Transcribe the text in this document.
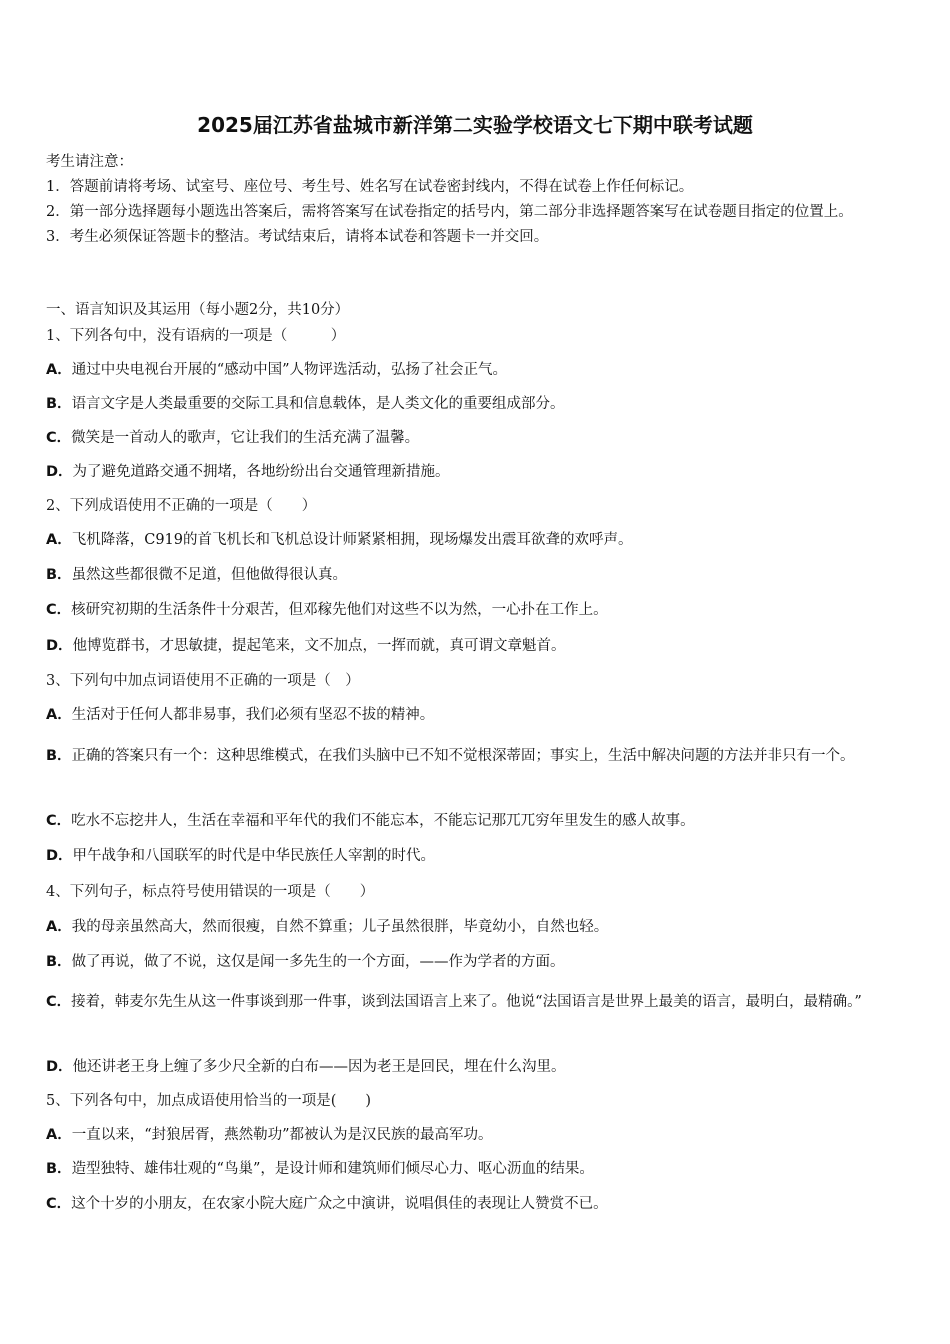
2025届江苏省盐城市新洋第二实验学校语文七下期中联考试题
考生请注意：
1．答题前请将考场、试室号、座位号、考生号、姓名写在试卷密封线内，不得在试卷上作任何标记。
2．第一部分选择题每小题选出答案后，需将答案写在试卷指定的括号内，第二部分非选择题答案写在试卷题目指定的位置上。
3．考生必须保证答题卡的整洁。考试结束后，请将本试卷和答题卡一并交回。
一、语言知识及其运用（每小题2分，共10分）
1、下列各句中，没有语病的一项是（　　　）
A．通过中央电视台开展的“感动中国”人物评选活动，弘扬了社会正气。
B．语言文字是人类最重要的交际工具和信息载体，是人类文化的重要组成部分。
C．微笑是一首动人的歌声，它让我们的生活充满了温馨。
D．为了避免道路交通不拥堵，各地纷纷出台交通管理新措施。
2、下列成语使用不正确的一项是（　　）
A．飞机降落，C919的首飞机长和飞机总设计师紧紧相拥，现场爆发出震耳欲聋的欢呼声。
B．虽然这些都很微不足道，但他做得很认真。
C．核研究初期的生活条件十分艰苦，但邓稼先他们对这些不以为然，一心扑在工作上。
D．他博览群书，才思敏捷，提起笔来，文不加点，一挥而就，真可谓文章魁首。
3、下列句中加点词语使用不正确的一项是（　）
A．生活对于任何人都非易事，我们必须有坚忍不拔的精神。
B．正确的答案只有一个：这种思维模式，在我们头脑中已不知不觉根深蒂固；事实上，生活中解决问题的方法并非只有一个。
C．吃水不忘挖井人，生活在幸福和平年代的我们不能忘本，不能忘记那兀兀穷年里发生的感人故事。
D．甲午战争和八国联军的时代是中华民族任人宰割的时代。
4、下列句子，标点符号使用错误的一项是（　　）
A．我的母亲虽然高大，然而很瘦，自然不算重；儿子虽然很胖，毕竟幼小，自然也轻。
B．做了再说，做了不说，这仅是闻一多先生的一个方面，——作为学者的方面。
C．接着，韩麦尔先生从这一件事谈到那一件事，谈到法国语言上来了。他说“法国语言是世界上最美的语言，最明白，最精确。”
D．他还讲老王身上缠了多少尺全新的白布——因为老王是回民，埋在什么沟里。
5、下列各句中，加点成语使用恰当的一项是(　　)
A．一直以来，“封狼居胥，燕然勒功”都被认为是汉民族的最高军功。
B．造型独特、雄伟壮观的“鸟巢”，是设计师和建筑师们倾尽心力、呕心沥血的结果。
C．这个十岁的小朋友，在农家小院大庭广众之中演讲，说唱俱佳的表现让人赞赏不已。
